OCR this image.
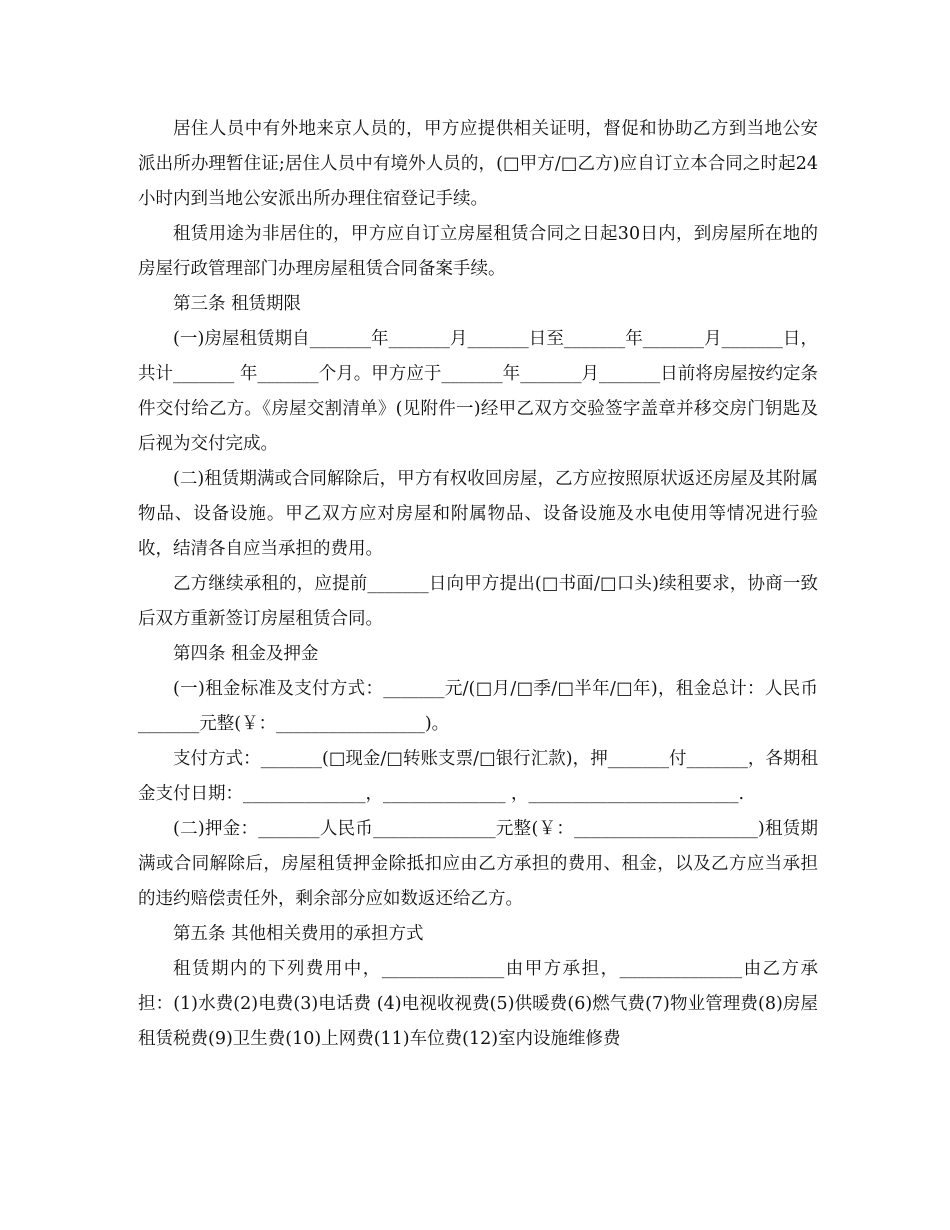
居住人员中有外地来京人员的，甲方应提供相关证明，督促和协助乙方到当地公安派出所办理暂住证;居住人员中有境外人员的，(□甲方/□乙方)应自订立本合同之时起24小时内到当地公安派出所办理住宿登记手续。

租赁用途为非居住的，甲方应自订立房屋租赁合同之日起30日内，到房屋所在地的房屋行政管理部门办理房屋租赁合同备案手续。

第三条 租赁期限

(一)房屋租赁期自_______年_______月_______日至_______年_______月_______日，共计_______ 年_______个月。甲方应于_______年_______月_______日前将房屋按约定条件交付给乙方。《房屋交割清单》(见附件一)经甲乙双方交验签字盖章并移交房门钥匙及 后视为交付完成。

(二)租赁期满或合同解除后，甲方有权收回房屋，乙方应按照原状返还房屋及其附属物品、设备设施。甲乙双方应对房屋和附属物品、设备设施及水电使用等情况进行验收，结清各自应当承担的费用。

乙方继续承租的，应提前_______日向甲方提出(□书面/□口头)续租要求，协商一致后双方重新签订房屋租赁合同。

第四条 租金及押金

(一)租金标准及支付方式：_______元/(□月/□季/□半年/□年)，租金总计：人民币_______元整(￥：_________________)。

支付方式：_______(□现金/□转账支票/□银行汇款)，押_______付_______，各期租金支付日期：______________，______________ ，________________________.

(二)押金：_______人民币______________元整(￥：_____________________)租赁期满或合同解除后，房屋租赁押金除抵扣应由乙方承担的费用、租金，以及乙方应当承担的违约赔偿责任外，剩余部分应如数返还给乙方。

第五条 其他相关费用的承担方式

租赁期内的下列费用中，______________由甲方承担，______________由乙方承担：(1)水费(2)电费(3)电话费 (4)电视收视费(5)供暖费(6)燃气费(7)物业管理费(8)房屋租赁税费(9)卫生费(10)上网费(11)车位费(12)室内设施维修费
